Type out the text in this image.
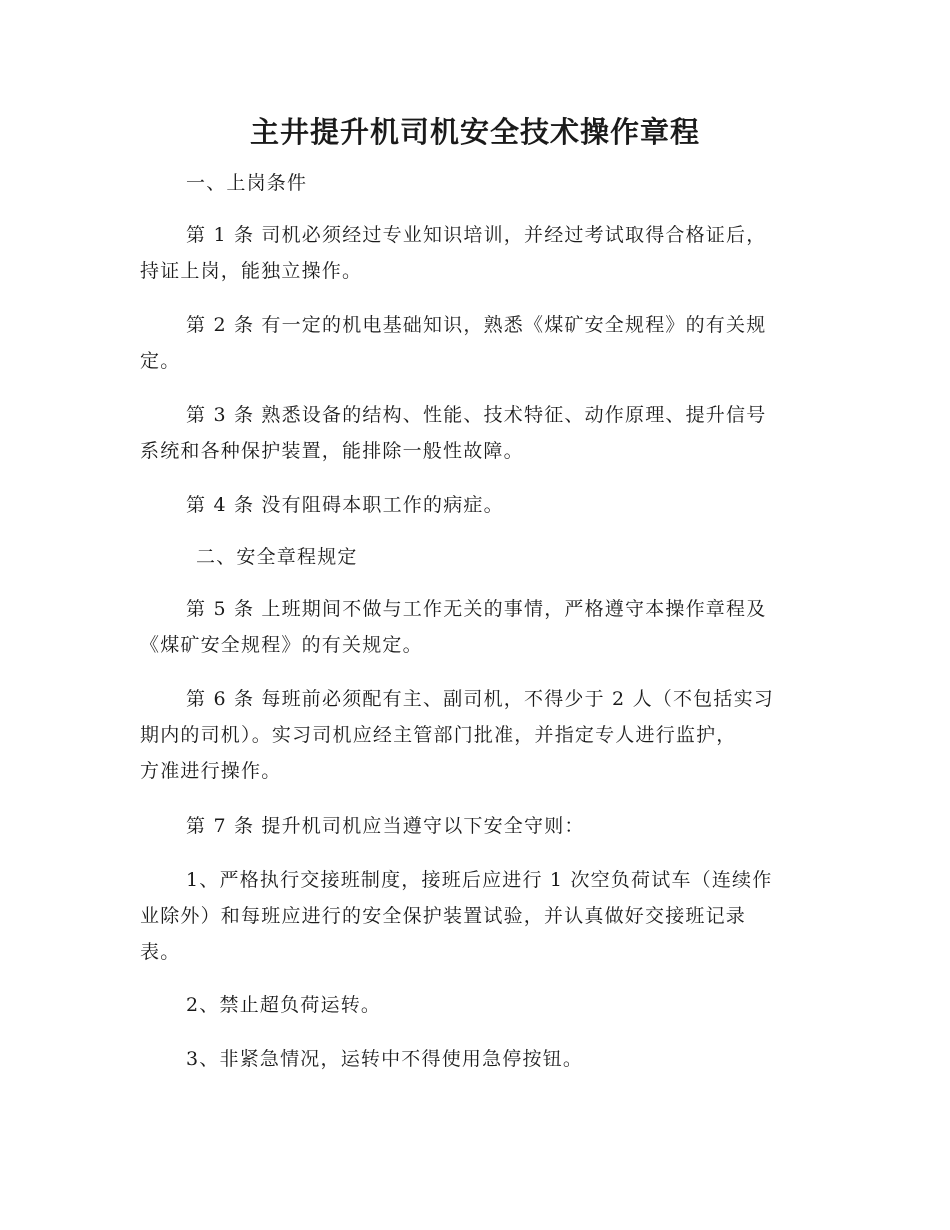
主井提升机司机安全技术操作章程
一、上岗条件
第 1 条 司机必须经过专业知识培训，并经过考试取得合格证后，
持证上岗，能独立操作。
第 2 条 有一定的机电基础知识，熟悉《煤矿安全规程》的有关规
定。
第 3 条 熟悉设备的结构、性能、技术特征、动作原理、提升信号
系统和各种保护装置，能排除一般性故障。
第 4 条 没有阻碍本职工作的病症。
二、安全章程规定
第 5 条 上班期间不做与工作无关的事情，严格遵守本操作章程及
《煤矿安全规程》的有关规定。
第 6 条 每班前必须配有主、副司机，不得少于 2 人（不包括实习
期内的司机）。实习司机应经主管部门批准，并指定专人进行监护，
方准进行操作。
第 7 条 提升机司机应当遵守以下安全守则：
1、严格执行交接班制度，接班后应进行 1 次空负荷试车（连续作
业除外）和每班应进行的安全保护装置试验，并认真做好交接班记录
表。
2、禁止超负荷运转。
3、非紧急情况，运转中不得使用急停按钮。
